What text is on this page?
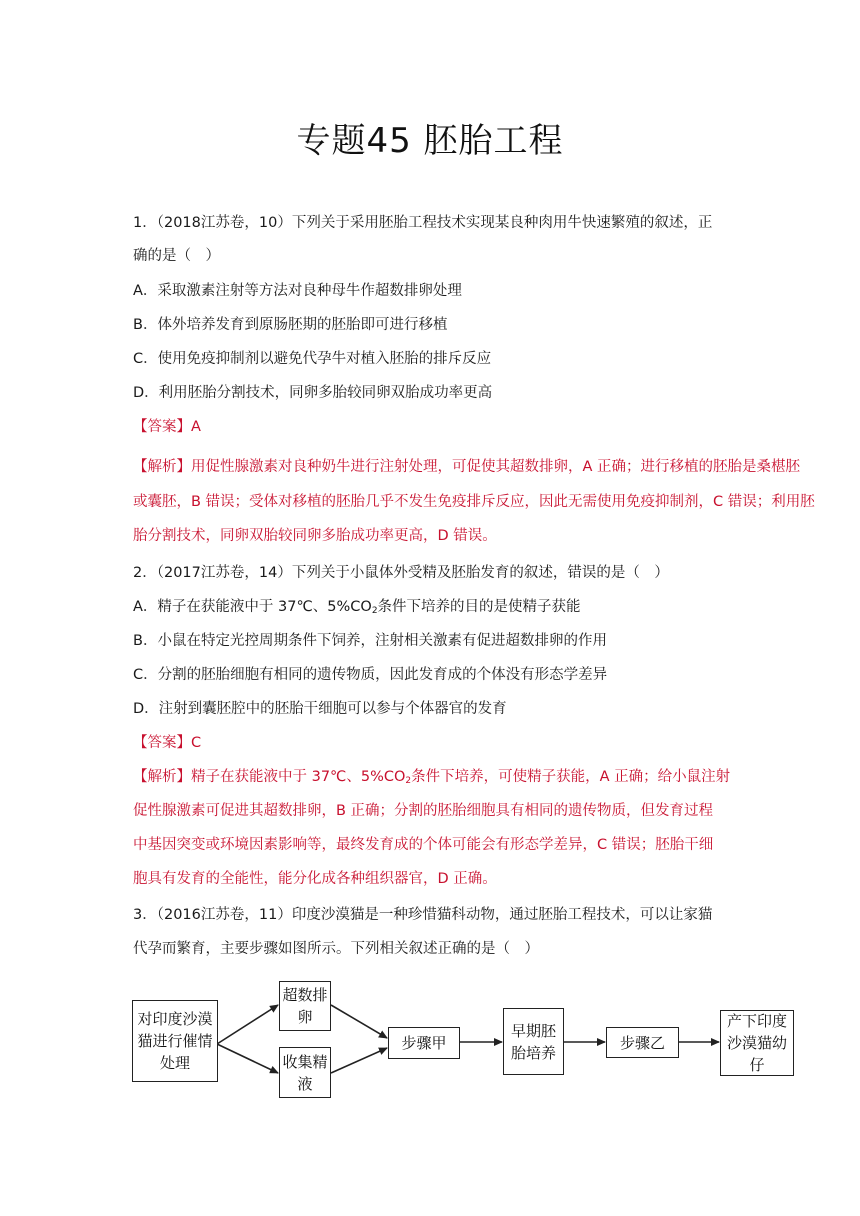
专题45 胚胎工程
1．（2018江苏卷，10）下列关于采用胚胎工程技术实现某良种肉用牛快速繁殖的叙述，正
确的是（　）
A．采取激素注射等方法对良种母牛作超数排卵处理
B．体外培养发育到原肠胚期的胚胎即可进行移植
C．使用免疫抑制剂以避免代孕牛对植入胚胎的排斥反应
D．利用胚胎分割技术，同卵多胎较同卵双胎成功率更高
【答案】A
【解析】用促性腺激素对良种奶牛进行注射处理，可促使其超数排卵，A 正确；进行移植的胚胎是桑椹胚
或囊胚，B 错误；受体对移植的胚胎几乎不发生免疫排斥反应，因此无需使用免疫抑制剂，C 错误；利用胚
胎分割技术，同卵双胎较同卵多胎成功率更高，D 错误。
2．（2017江苏卷，14）下列关于小鼠体外受精及胚胎发育的叙述，错误的是（　）
A．精子在获能液中于 37℃、$5\%CO_2$条件下培养的目的是使精子获能
B．小鼠在特定光控周期条件下饲养，注射相关激素有促进超数排卵的作用
C．分割的胚胎细胞有相同的遗传物质，因此发育成的个体没有形态学差异
D．注射到囊胚腔中的胚胎干细胞可以参与个体器官的发育
【答案】C
【解析】精子在获能液中于 37℃、$5\%CO_2$条件下培养，可使精子获能，A 正确；给小鼠注射
促性腺激素可促进其超数排卵，B 正确；分割的胚胎细胞具有相同的遗传物质，但发育过程
中基因突变或环境因素影响等，最终发育成的个体可能会有形态学差异，C 错误；胚胎干细
胞具有发育的全能性，能分化成各种组织器官，D 正确。
3．（2016江苏卷，11）印度沙漠猫是一种珍惜猫科动物，通过胚胎工程技术，可以让家猫
代孕而繁育，主要步骤如图所示。下列相关叙述正确的是（　）
对印度沙漠猫进行催情处理
超数排卵
收集精液
步骤甲
早期胚胎培养
步骤乙
产下印度沙漠猫幼仔
